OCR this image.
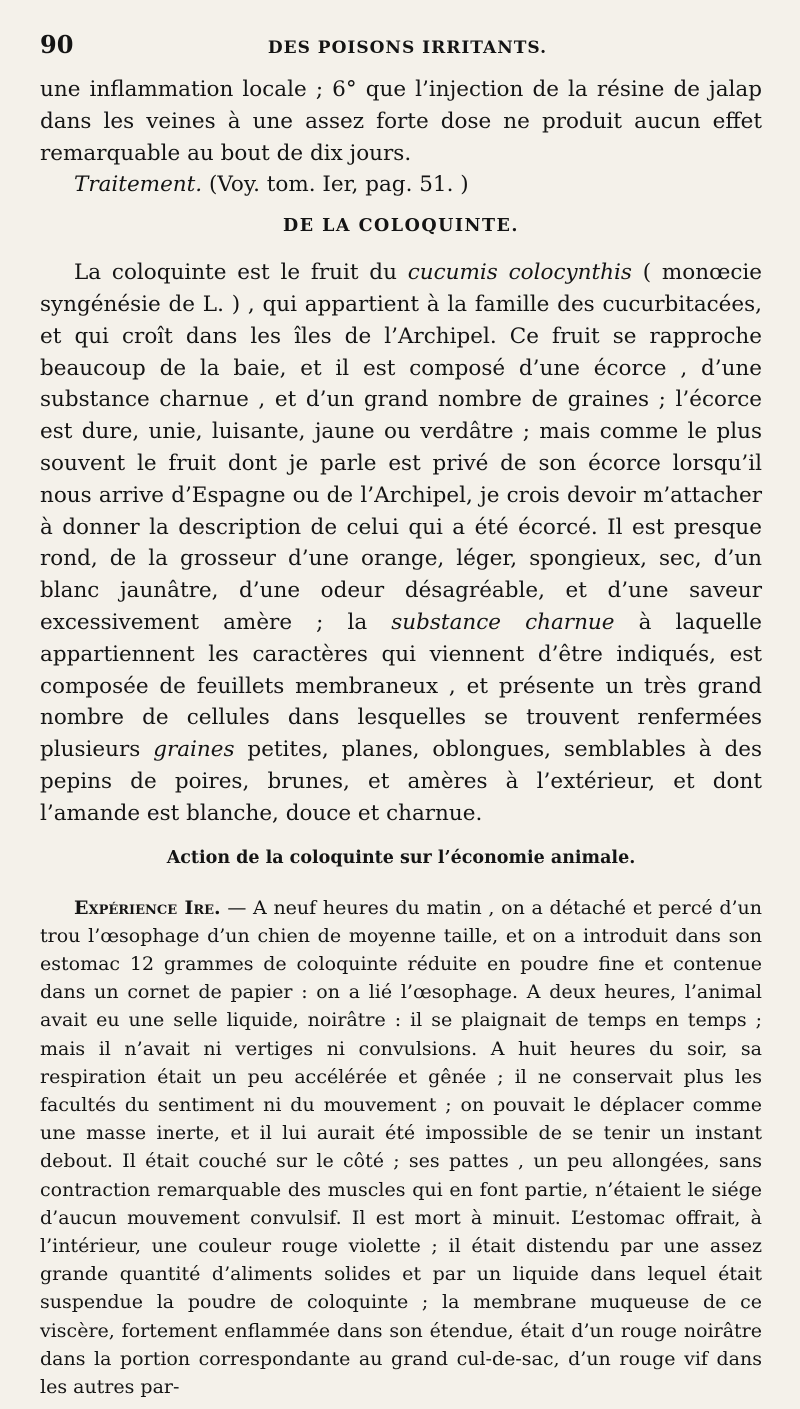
90	DES POISONS IRRITANTS.

une inflammation locale ; 6° que l’injection de la résine de jalap dans les veines à une assez forte dose ne produit aucun effet remarquable au bout de dix jours.

Traitement. (Voy. tom. Ier, pag. 51. )

DE LA COLOQUINTE.

La coloquinte est le fruit du cucumis colocynthis ( monœcie syngénésie de L. ) , qui appartient à la famille des cucurbitacées, et qui croît dans les îles de l’Archipel. Ce fruit se rapproche beaucoup de la baie, et il est composé d’une écorce , d’une substance charnue , et d’un grand nombre de graines ; l’écorce est dure, unie, luisante, jaune ou verdâtre ; mais comme le plus souvent le fruit dont je parle est privé de son écorce lorsqu’il nous arrive d’Espagne ou de l’Archipel, je crois devoir m’attacher à donner la description de celui qui a été écorcé. Il est presque rond, de la grosseur d’une orange, léger, spongieux, sec, d’un blanc jaunâtre, d’une odeur désagréable, et d’une saveur excessivement amère ; la substance charnue à laquelle appartiennent les caractères qui viennent d’être indiqués, est composée de feuillets membraneux , et présente un très grand nombre de cellules dans lesquelles se trouvent renfermées plusieurs graines petites, planes, oblongues, semblables à des pepins de poires, brunes, et amères à l’extérieur, et dont l’amande est blanche, douce et charnue.

Action de la coloquinte sur l’économie animale.

Expérience Ire. — A neuf heures du matin , on a détaché et percé d’un trou l’œsophage d’un chien de moyenne taille, et on a introduit dans son estomac 12 grammes de coloquinte réduite en poudre fine et contenue dans un cornet de papier : on a lié l’œsophage. A deux heures, l’animal avait eu une selle liquide, noirâtre : il se plaignait de temps en temps ; mais il n’avait ni vertiges ni convulsions. A huit heures du soir, sa respiration était un peu accélérée et gênée ; il ne conservait plus les facultés du sentiment ni du mouvement ; on pouvait le déplacer comme une masse inerte, et il lui aurait été impossible de se tenir un instant debout. Il était couché sur le côté ; ses pattes , un peu allongées, sans contraction remarquable des muscles qui en font partie, n’étaient le siége d’aucun mouvement convulsif. Il est mort à minuit. L’estomac offrait, à l’intérieur, une couleur rouge violette ; il était distendu par une assez grande quantité d’aliments solides et par un liquide dans lequel était suspendue la poudre de coloquinte ; la membrane muqueuse de ce viscère, fortement enflammée dans son étendue, était d’un rouge noirâtre dans la portion correspondante au grand cul-de-sac, d’un rouge vif dans les autres par-
